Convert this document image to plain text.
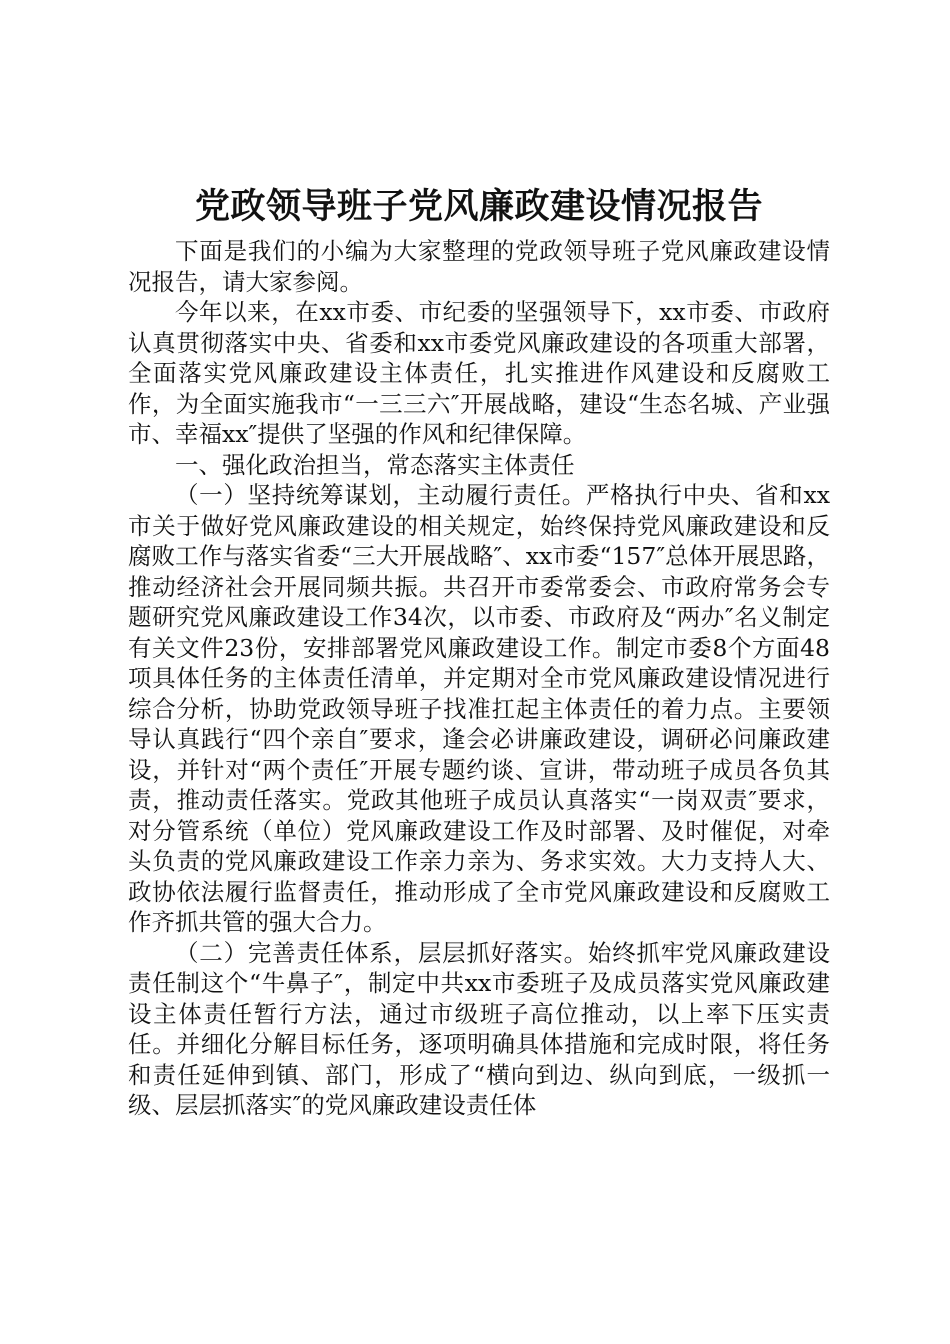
党政领导班子党风廉政建设情况报告

下面是我们的小编为大家整理的党政领导班子党风廉政建设情况报告，请大家参阅。

今年以来，在xx市委、市纪委的坚强领导下，xx市委、市政府认真贯彻落实中央、省委和xx市委党风廉政建设的各项重大部署，全面落实党风廉政建设主体责任，扎实推进作风建设和反腐败工作，为全面实施我市“一三三六″开展战略，建设“生态名城、产业强市、幸福xx″提供了坚强的作风和纪律保障。

一、强化政治担当，常态落实主体责任

（一）坚持统筹谋划，主动履行责任。严格执行中央、省和xx市关于做好党风廉政建设的相关规定，始终保持党风廉政建设和反腐败工作与落实省委“三大开展战略″、xx市委“157″总体开展思路，推动经济社会开展同频共振。共召开市委常委会、市政府常务会专题研究党风廉政建设工作34次，以市委、市政府及“两办″名义制定有关文件23份，安排部署党风廉政建设工作。制定市委8个方面48项具体任务的主体责任清单，并定期对全市党风廉政建设情况进行综合分析，协助党政领导班子找准扛起主体责任的着力点。主要领导认真践行“四个亲自″要求，逢会必讲廉政建设，调研必问廉政建设，并针对“两个责任″开展专题约谈、宣讲，带动班子成员各负其责，推动责任落实。党政其他班子成员认真落实“一岗双责″要求，对分管系统（单位）党风廉政建设工作及时部署、及时催促，对牵头负责的党风廉政建设工作亲力亲为、务求实效。大力支持人大、政协依法履行监督责任，推动形成了全市党风廉政建设和反腐败工作齐抓共管的强大合力。

（二）完善责任体系，层层抓好落实。始终抓牢党风廉政建设责任制这个“牛鼻子″，制定中共xx市委班子及成员落实党风廉政建设主体责任暂行方法，通过市级班子高位推动，以上率下压实责任。并细化分解目标任务，逐项明确具体措施和完成时限，将任务和责任延伸到镇、部门，形成了“横向到边、纵向到底，一级抓一级、层层抓落实″的党风廉政建设责任体
